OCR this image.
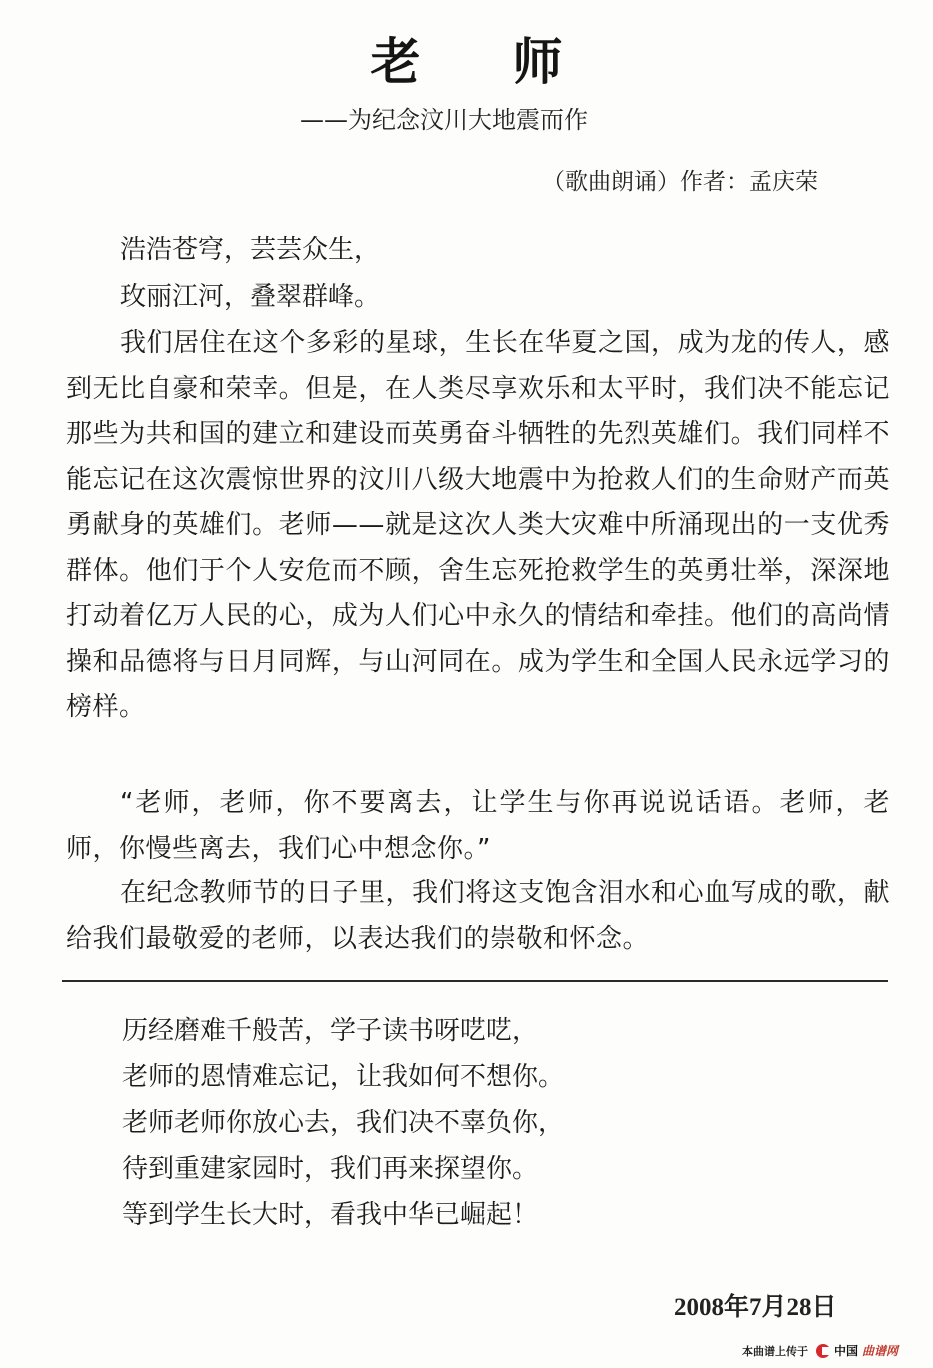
老 师
——为纪念汶川大地震而作
（歌曲朗诵）作者：孟庆荣
浩浩苍穹，芸芸众生，
玫丽江河，叠翠群峰。
我们居住在这个多彩的星球，生长在华夏之国，成为龙的传人，感到无比自豪和荣幸。但是，在人类尽享欢乐和太平时，我们决不能忘记那些为共和国的建立和建设而英勇奋斗牺牲的先烈英雄们。我们同样不能忘记在这次震惊世界的汶川八级大地震中为抢救人们的生命财产而英勇献身的英雄们。老师——就是这次人类大灾难中所涌现出的一支优秀群体。他们于个人安危而不顾，舍生忘死抢救学生的英勇壮举，深深地打动着亿万人民的心，成为人们心中永久的情结和牵挂。他们的高尚情操和品德将与日月同辉，与山河同在。成为学生和全国人民永远学习的榜样。
“老师，老师，你不要离去，让学生与你再说说话语。老师，老师，你慢些离去，我们心中想念你。”
在纪念教师节的日子里，我们将这支饱含泪水和心血写成的歌，献给我们最敬爱的老师，以表达我们的崇敬和怀念。
历经磨难千般苦，学子读书呀呓呓，
老师的恩情难忘记，让我如何不想你。
老师老师你放心去，我们决不辜负你，
待到重建家园时，我们再来探望你。
等到学生长大时，看我中华已崛起！
2008年7月28日
本曲谱上传于 中国 曲谱网
